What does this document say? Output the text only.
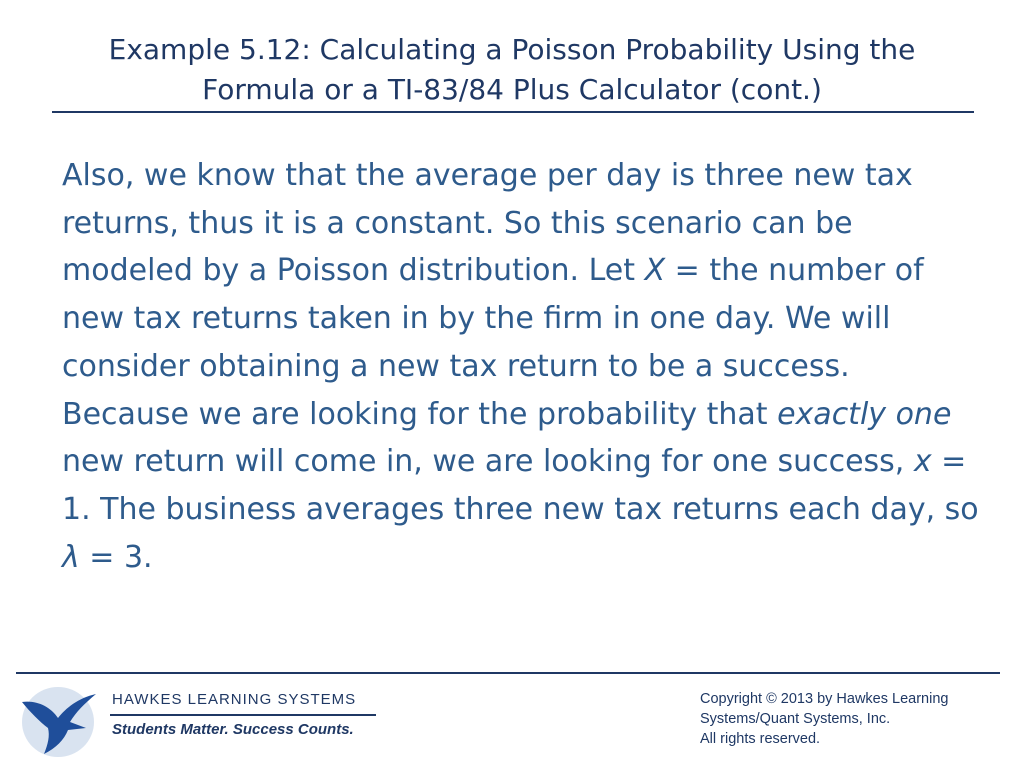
Example 5.12: Calculating a Poisson Probability Using the
Formula or a TI-83/84 Plus Calculator (cont.)
Also, we know that the average per day is three new tax returns, thus it is a constant. So this scenario can be modeled by a Poisson distribution. Let X = the number of new tax returns taken in by the firm in one day. We will consider obtaining a new tax return to be a success. Because we are looking for the probability that exactly one new return will come in, we are looking for one success, x = 1. The business averages three new tax returns each day, so λ = 3.
HAWKES LEARNING SYSTEMS
Students Matter. Success Counts.
Copyright © 2013 by Hawkes Learning
Systems/Quant Systems, Inc.
All rights reserved.
